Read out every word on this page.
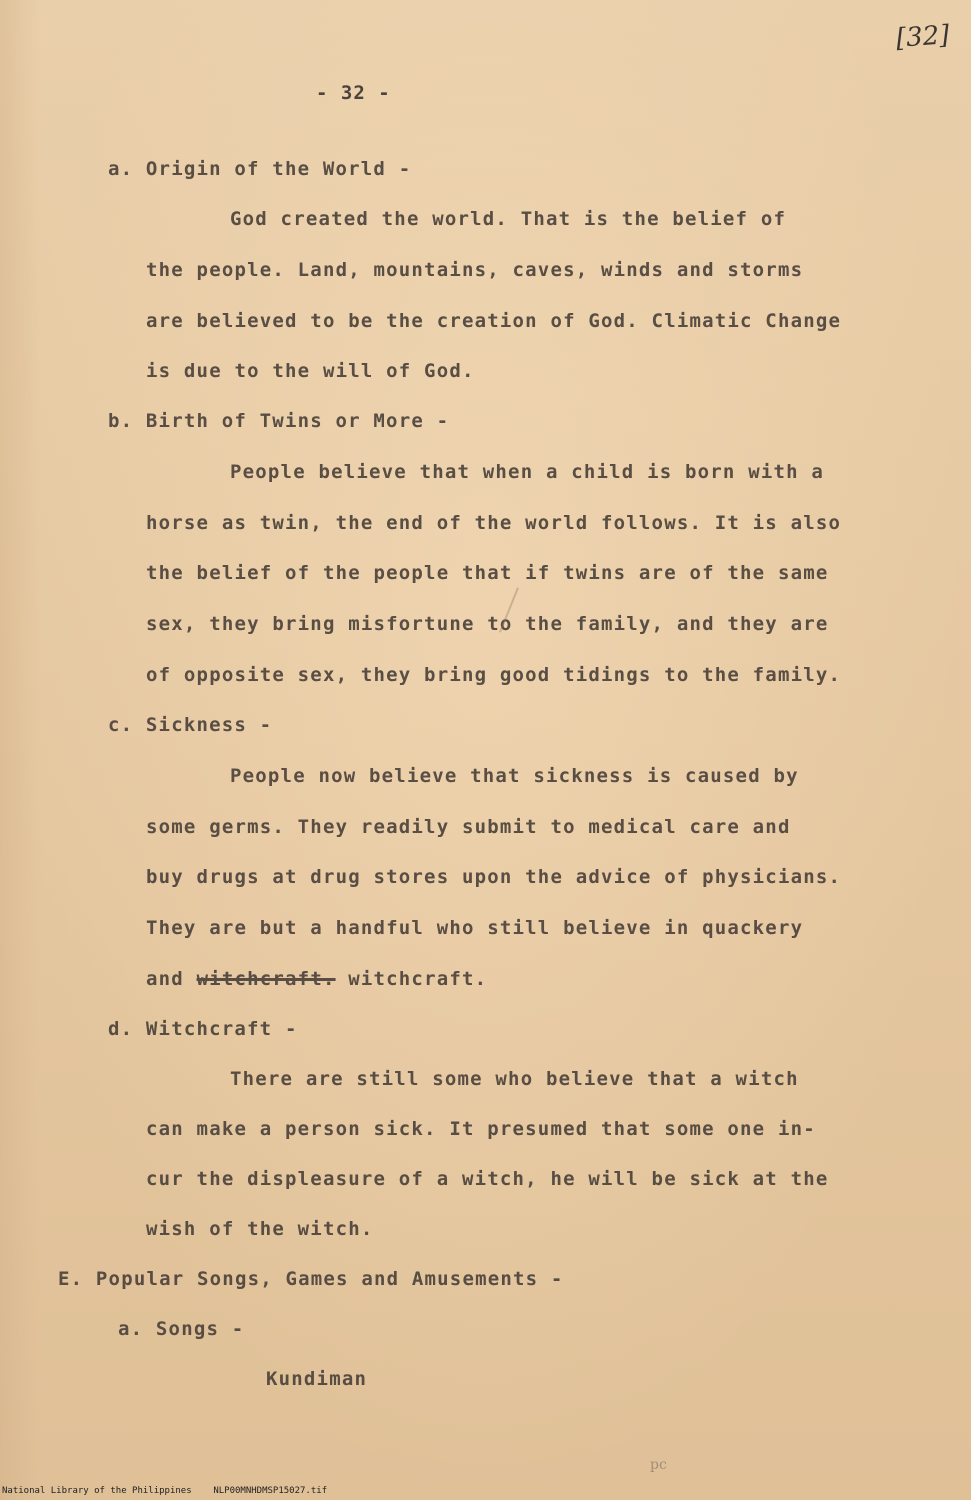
[32]
- 32 -
a. Origin of the World -
God created the world. That is the belief of
the people. Land, mountains, caves, winds and storms
are believed to be the creation of God. Climatic Change
is due to the will of God.
b. Birth of Twins or More -
People believe that when a child is born with a
horse as twin, the end of the world follows. It is also
the belief of the people that if twins are of the same
sex, they bring misfortune to the family, and they are
of opposite sex, they bring good tidings to the family.
c. Sickness -
People now believe that sickness is caused by
some germs. They readily submit to medical care and
buy drugs at drug stores upon the advice of physicians.
They are but a handful who still believe in quackery
and witchcraft. witchcraft.
d. Witchcraft -
There are still some who believe that a witch
can make a person sick. It presumed that some one in-
cur the displeasure of a witch, he will be sick at the
wish of the witch.
E. Popular Songs, Games and Amusements -
a. Songs -
Kundiman
pc
National Library of the Philippines    NLP00MNHDMSP15027.tif
